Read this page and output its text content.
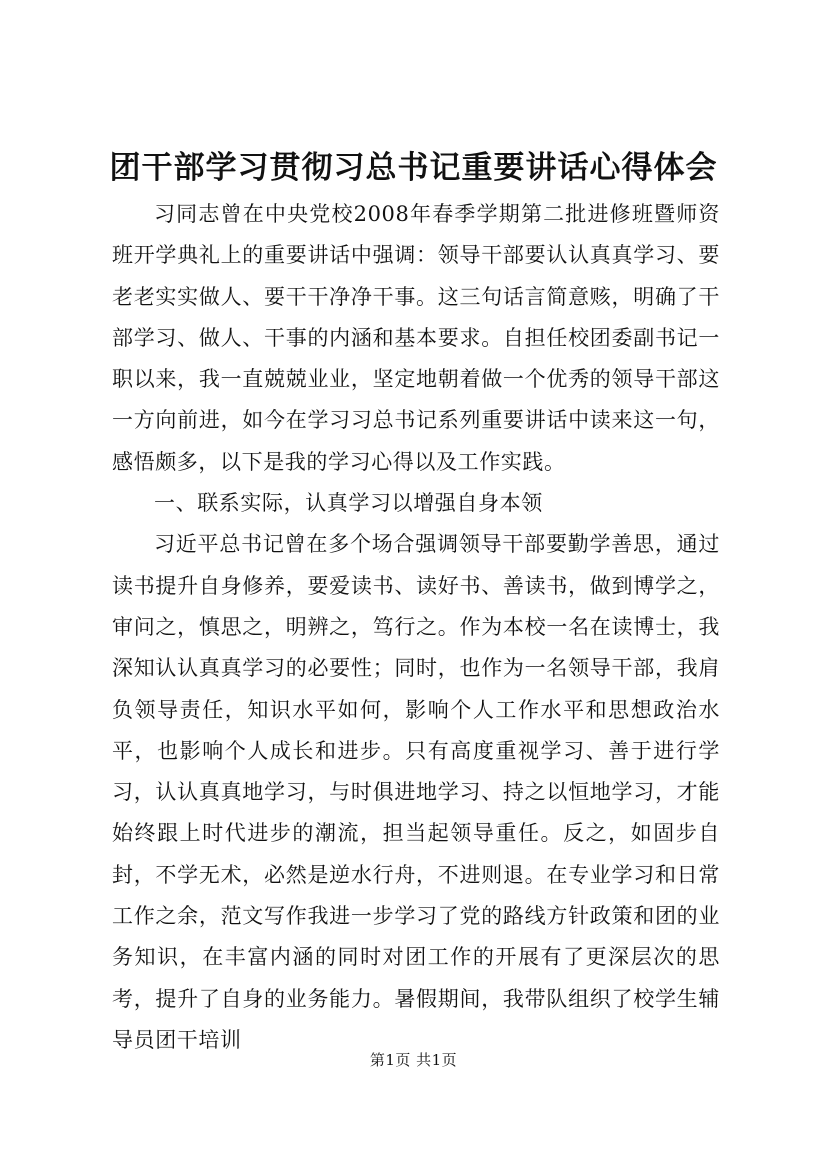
团干部学习贯彻习总书记重要讲话心得体会

习同志曾在中央党校2008年春季学期第二批进修班暨师资班开学典礼上的重要讲话中强调：领导干部要认认真真学习、要老老实实做人、要干干净净干事。这三句话言简意赅，明确了干部学习、做人、干事的内涵和基本要求。自担任校团委副书记一职以来，我一直兢兢业业，坚定地朝着做一个优秀的领导干部这一方向前进，如今在学习习总书记系列重要讲话中读来这一句，感悟颇多，以下是我的学习心得以及工作实践。

一、联系实际，认真学习以增强自身本领

习近平总书记曾在多个场合强调领导干部要勤学善思，通过读书提升自身修养，要爱读书、读好书、善读书，做到博学之，审问之，慎思之，明辨之，笃行之。作为本校一名在读博士，我深知认认真真学习的必要性；同时，也作为一名领导干部，我肩负领导责任，知识水平如何，影响个人工作水平和思想政治水平，也影响个人成长和进步。只有高度重视学习、善于进行学习，认认真真地学习，与时俱进地学习、持之以恒地学习，才能始终跟上时代进步的潮流，担当起领导重任。反之，如固步自封，不学无术，必然是逆水行舟，不进则退。在专业学习和日常工作之余，范文写作我进一步学习了党的路线方针政策和团的业务知识，在丰富内涵的同时对团工作的开展有了更深层次的思考，提升了自身的业务能力。暑假期间，我带队组织了校学生辅导员团干培训

第1页 共1页
